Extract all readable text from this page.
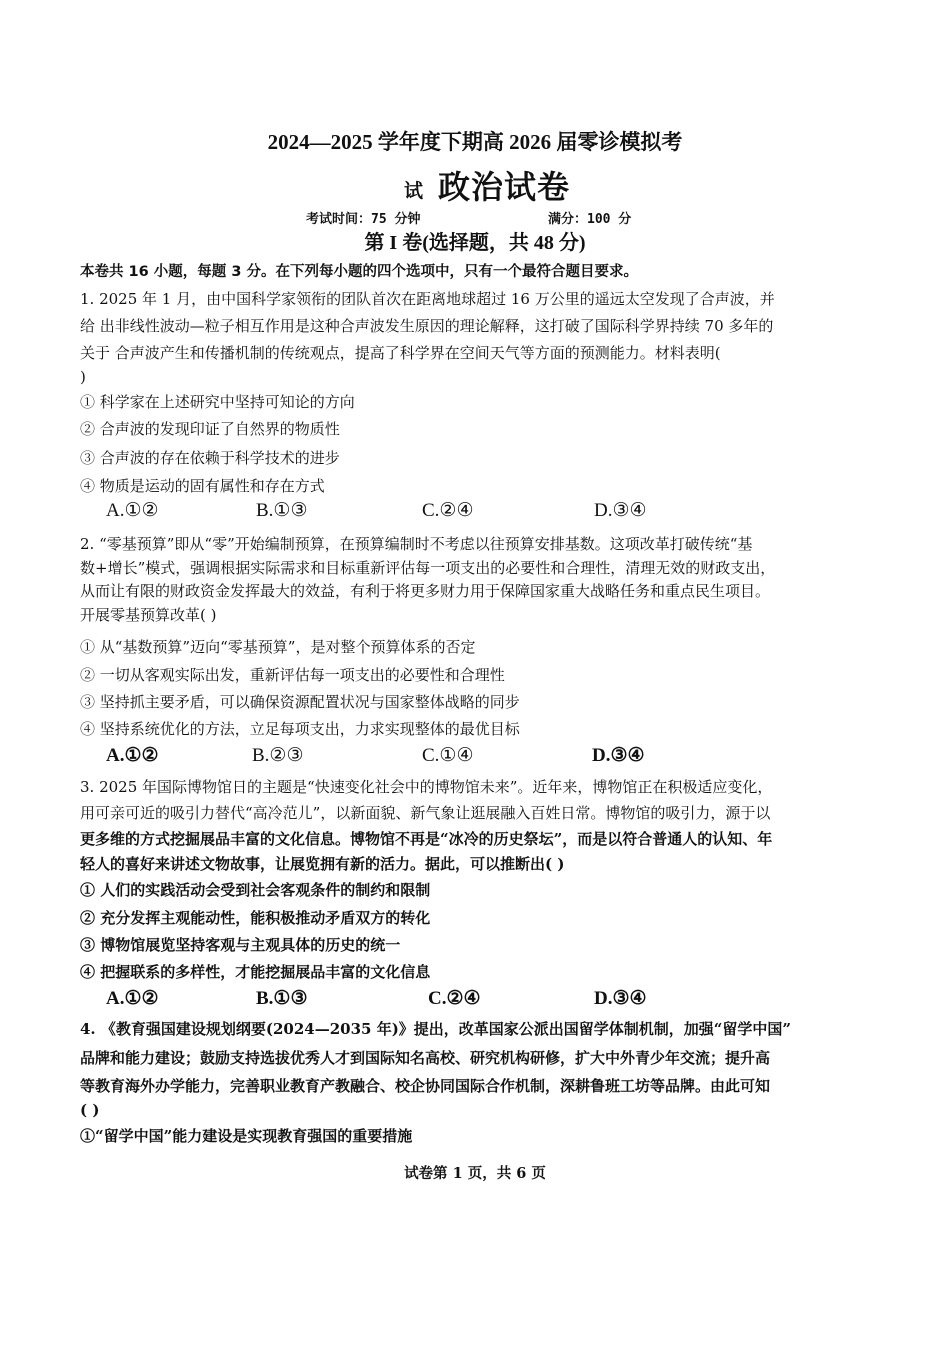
2024—2025 学年度下期高 2026 届零诊模拟考
试 政治试卷
考试时间：75 分钟	满分：100 分
第 I 卷(选择题，共 48 分)
本卷共 16 小题，每题 3 分。在下列每小题的四个选项中，只有一个最符合题目要求。
1. 2025 年 1 月，由中国科学家领衔的团队首次在距离地球超过 16 万公里的遥远太空发现了合声波，并
给 出非线性波动—粒子相互作用是这种合声波发生原因的理论解释，这打破了国际科学界持续 70 多年的
关于 合声波产生和传播机制的传统观点，提高了科学界在空间天气等方面的预测能力。材料表明(
)
① 科学家在上述研究中坚持可知论的方向
② 合声波的发现印证了自然界的物质性
③ 合声波的存在依赖于科学技术的进步
④ 物质是运动的固有属性和存在方式
A.①②	B.①③	C.②④	D.③④
2. “零基预算”即从“零”开始编制预算，在预算编制时不考虑以往预算安排基数。这项改革打破传统“基
数+增长”模式，强调根据实际需求和目标重新评估每一项支出的必要性和合理性，清理无效的财政支出，
从而让有限的财政资金发挥最大的效益，有利于将更多财力用于保障国家重大战略任务和重点民生项目。
开展零基预算改革( )
① 从“基数预算”迈向“零基预算”，是对整个预算体系的否定
② 一切从客观实际出发，重新评估每一项支出的必要性和合理性
③ 坚持抓主要矛盾，可以确保资源配置状况与国家整体战略的同步
④ 坚持系统优化的方法，立足每项支出，力求实现整体的最优目标
A.①②	B.②③	C.①④	D.③④
3. 2025 年国际博物馆日的主题是“快速变化社会中的博物馆未来”。近年来，博物馆正在积极适应变化，
用可亲可近的吸引力替代“高冷范儿”，以新面貌、新气象让逛展融入百姓日常。博物馆的吸引力，源于以
更多维的方式挖掘展品丰富的文化信息。博物馆不再是“冰冷的历史祭坛”，而是以符合普通人的认知、年
轻人的喜好来讲述文物故事，让展览拥有新的活力。据此，可以推断出( )
① 人们的实践活动会受到社会客观条件的制约和限制
② 充分发挥主观能动性，能积极推动矛盾双方的转化
③ 博物馆展览坚持客观与主观具体的历史的统一
④ 把握联系的多样性，才能挖掘展品丰富的文化信息
A.①②	B.①③	C.②④	D.③④
4. 《教育强国建设规划纲要(2024—2035 年)》提出，改革国家公派出国留学体制机制，加强“留学中国”
品牌和能力建设；鼓励支持选拔优秀人才到国际知名高校、研究机构研修，扩大中外青少年交流；提升高
等教育海外办学能力，完善职业教育产教融合、校企协同国际合作机制，深耕鲁班工坊等品牌。由此可知
( )
①“留学中国”能力建设是实现教育强国的重要措施
试卷第 1 页，共 6 页
